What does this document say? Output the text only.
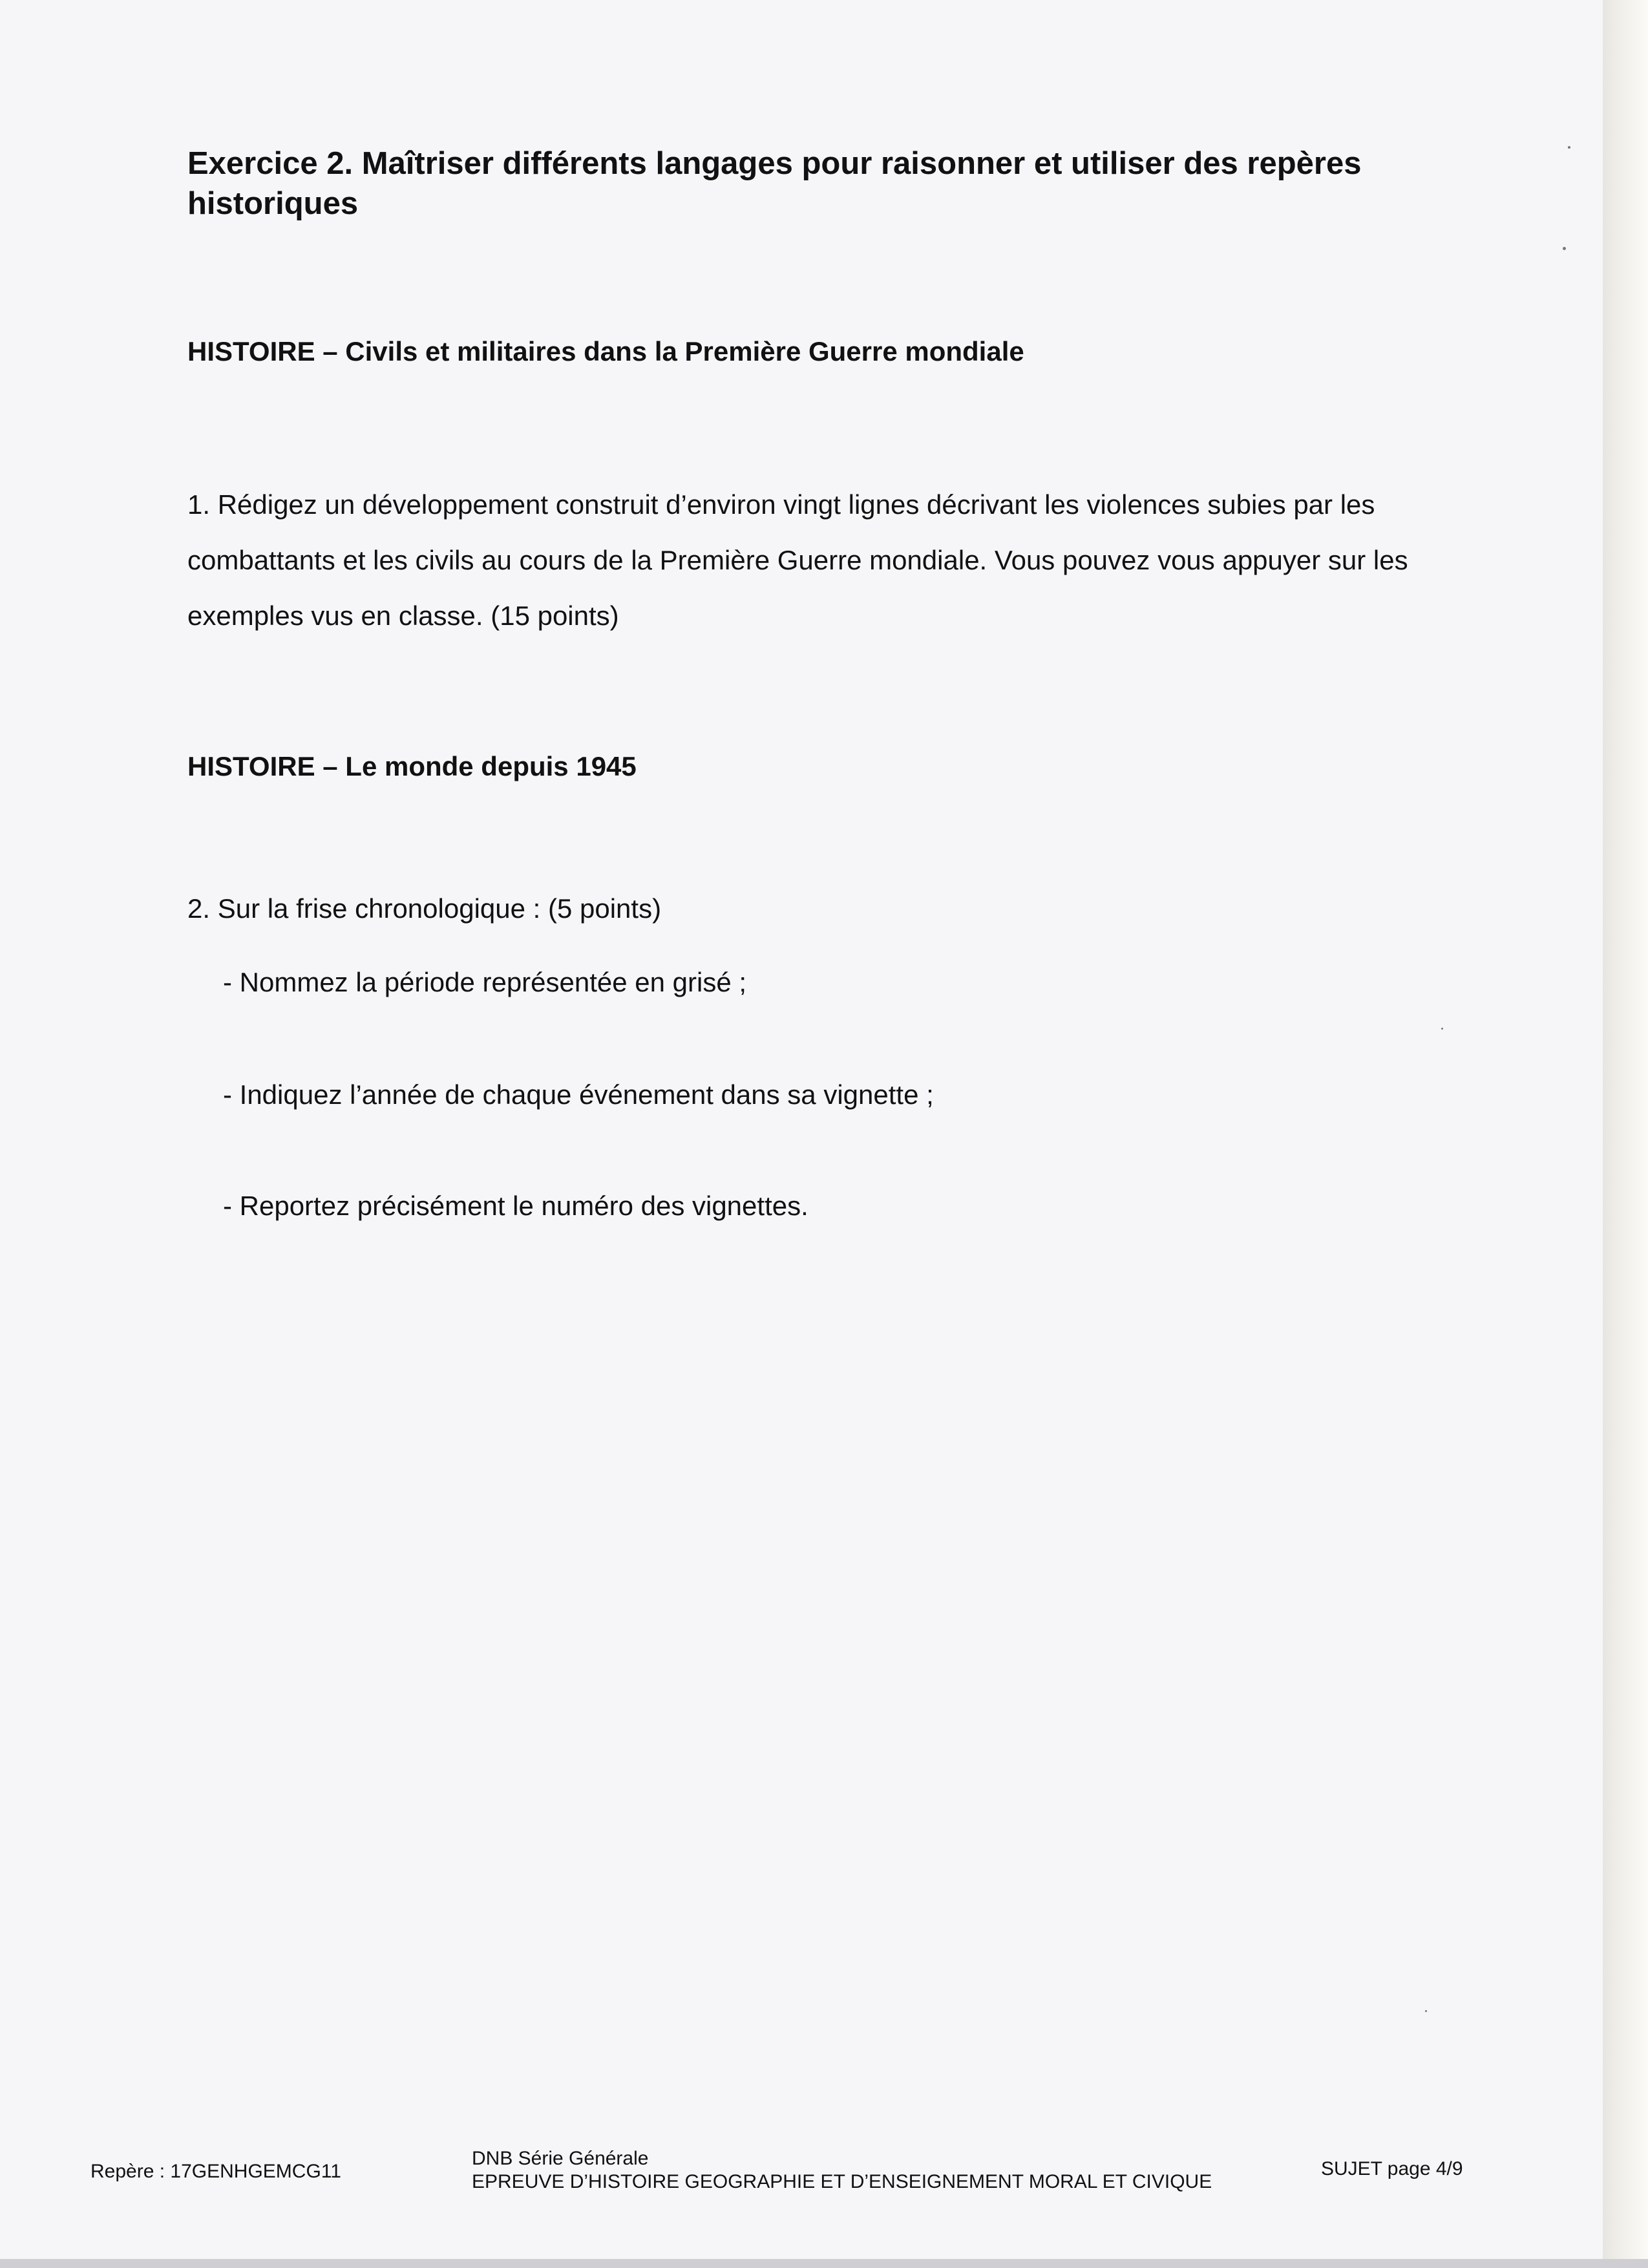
Exercice 2. Maîtriser différents langages pour raisonner et utiliser des repères historiques
HISTOIRE – Civils et militaires dans la Première Guerre mondiale

1. Rédigez un développement construit d’environ vingt lignes décrivant les violences subies par les combattants et les civils au cours de la Première Guerre mondiale. Vous pouvez vous appuyer sur les exemples vus en classe. (15 points)

HISTOIRE – Le monde depuis 1945

2. Sur la frise chronologique : (5 points)

- Nommez la période représentée en grisé ;

- Indiquez l’année de chaque événement dans sa vignette ;

- Reportez précisément le numéro des vignettes.

Repère : 17GENHGEMCG11
DNB Série Générale
EPREUVE D’HISTOIRE GEOGRAPHIE ET D’ENSEIGNEMENT MORAL ET CIVIQUE
SUJET page 4/9
